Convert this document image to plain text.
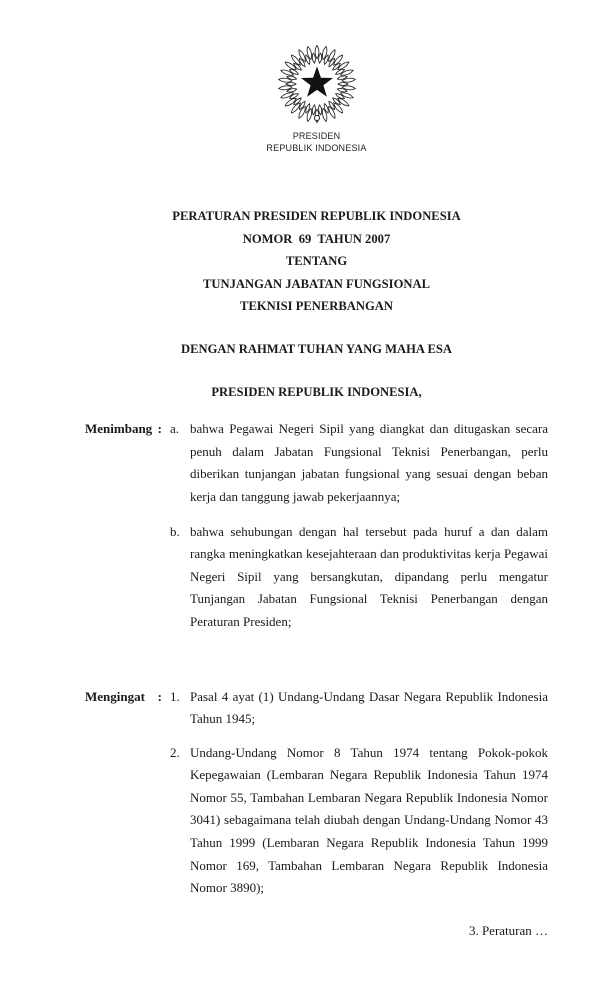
PRESIDEN
REPUBLIK INDONESIA
PERATURAN PRESIDEN REPUBLIK INDONESIA
NOMOR  69  TAHUN 2007
TENTANG
TUNJANGAN JABATAN FUNGSIONAL
TEKNISI PENERBANGAN
DENGAN RAHMAT TUHAN YANG MAHA ESA
PRESIDEN REPUBLIK INDONESIA,
Menimbang : a. bahwa Pegawai Negeri Sipil yang diangkat dan ditugaskan secara penuh dalam Jabatan Fungsional Teknisi Penerbangan, perlu diberikan tunjangan jabatan fungsional yang sesuai dengan beban kerja dan tanggung jawab pekerjaannya;
b. bahwa sehubungan dengan hal tersebut pada huruf a dan dalam rangka meningkatkan kesejahteraan dan produktivitas kerja Pegawai Negeri Sipil yang bersangkutan, dipandang perlu mengatur Tunjangan Jabatan Fungsional Teknisi Penerbangan dengan Peraturan Presiden;
Mengingat : 1. Pasal 4 ayat (1) Undang-Undang Dasar Negara Republik Indonesia Tahun 1945;
2. Undang-Undang Nomor 8 Tahun 1974 tentang Pokok-pokok Kepegawaian (Lembaran Negara Republik Indonesia Tahun 1974 Nomor 55, Tambahan Lembaran Negara Republik Indonesia Nomor 3041) sebagaimana telah diubah dengan Undang-Undang Nomor 43 Tahun 1999 (Lembaran Negara Republik Indonesia Tahun 1999 Nomor 169, Tambahan Lembaran Negara Republik Indonesia Nomor 3890);
3. Peraturan …
